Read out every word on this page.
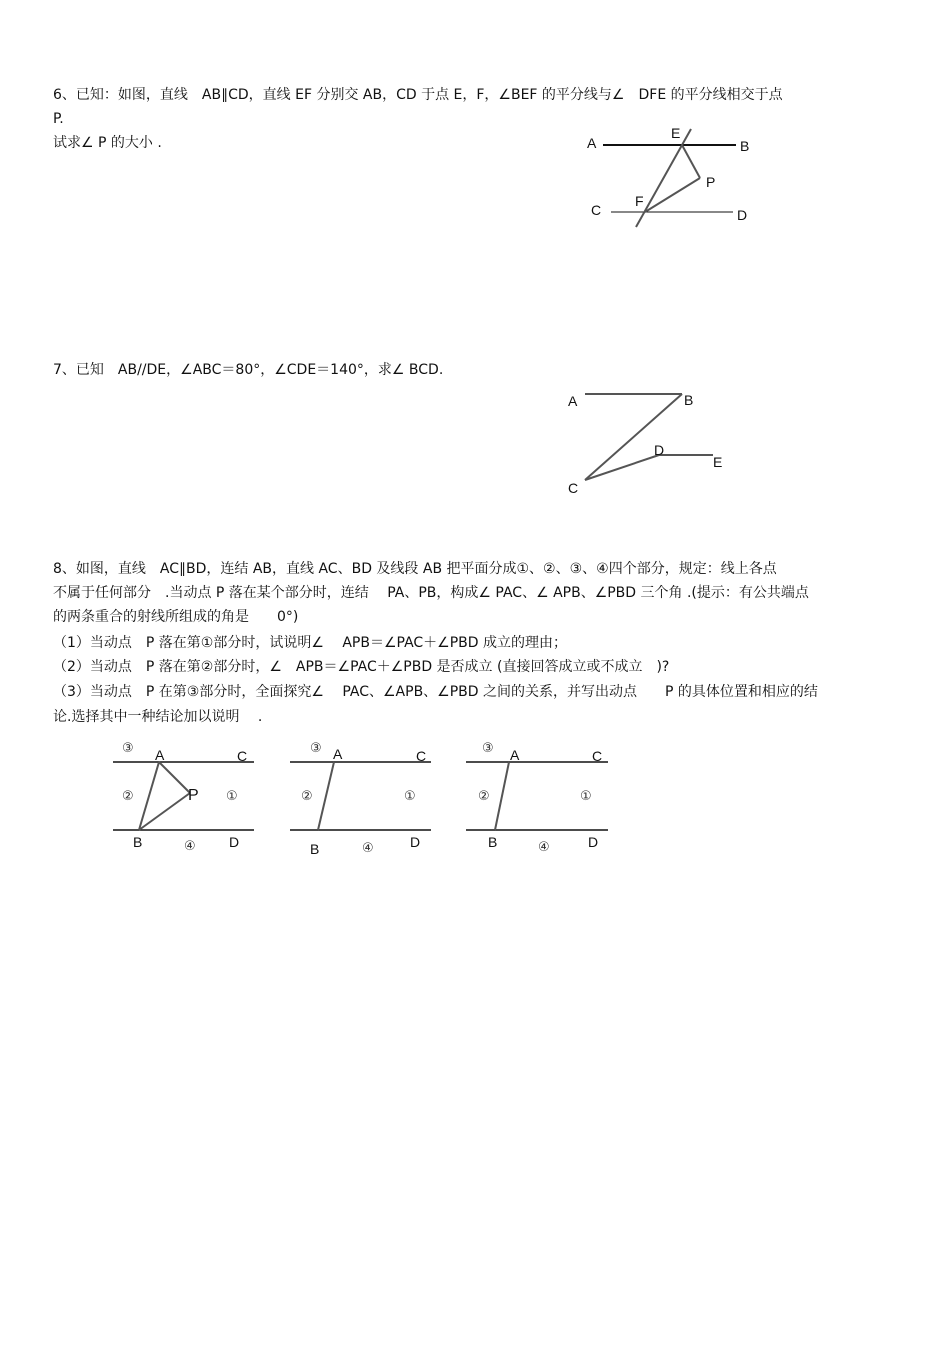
6、已知：如图，直线　AB∥CD，直线 EF 分别交 AB，CD 于点 E，F，∠BEF 的平分线与∠　DFE 的平分线相交于点
P.
试求∠ P 的大小 .	A	B
E
P
F
C	D
7、已知　AB//DE，∠ABC＝80°，∠CDE＝140°，求∠ BCD.
A	B
D
E
C
8、如图，直线　AC∥BD，连结 AB，直线 AC、BD 及线段 AB 把平面分成①、②、③、④四个部分，规定：线上各点
不属于任何部分　.当动点 P 落在某个部分时，连结　 PA、PB，构成∠ PAC、∠ APB、∠PBD 三个角 .(提示：有公共端点
的两条重合的射线所组成的角是　　0°)
（1）当动点　P 落在第①部分时，试说明∠　 APB＝∠PAC＋∠PBD 成立的理由；
（2）当动点　P 落在第②部分时，∠　APB＝∠PAC＋∠PBD 是否成立 (直接回答成立或不成立　)?
（3）当动点　P 在第③部分时，全面探究∠　 PAC、∠APB、∠PBD 之间的关系，并写出动点　　P 的具体位置和相应的结
论.选择其中一种结论加以说明　 .
③ A	C
②	P ①
B	④ D
③ A	C
②	①
B	④	D
③ A	C
②	①
B	④	D
